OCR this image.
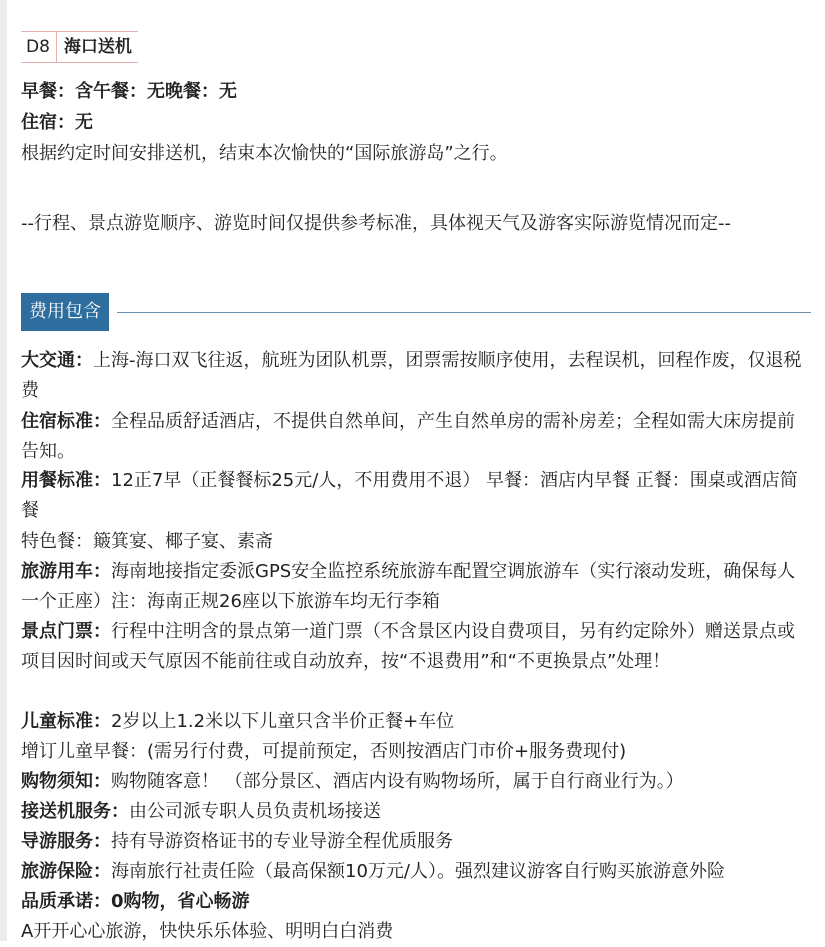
D8 海口送机
早餐：含午餐：无晚餐：无
住宿：无
根据约定时间安排送机，结束本次愉快的“国际旅游岛”之行。
--行程、景点游览顺序、游览时间仅提供参考标准，具体视天气及游客实际游览情况而定--
费用包含
大交通：上海-海口双飞往返，航班为团队机票，团票需按顺序使用，去程误机，回程作废，仅退税费
住宿标准：全程品质舒适酒店，不提供自然单间，产生自然单房的需补房差；全程如需大床房提前告知。
用餐标准：12正7早（正餐餐标25元/人，不用费用不退） 早餐：酒店内早餐 正餐：围桌或酒店简餐
特色餐：簸箕宴、椰子宴、素斋
旅游用车：海南地接指定委派GPS安全监控系统旅游车配置空调旅游车（实行滚动发班，确保每人一个正座）注：海南正规26座以下旅游车均无行李箱
景点门票：行程中注明含的景点第一道门票（不含景区内设自费项目，另有约定除外）赠送景点或项目因时间或天气原因不能前往或自动放弃，按“不退费用”和“不更换景点”处理！
儿童标准：2岁以上1.2米以下儿童只含半价正餐+车位
增订儿童早餐：(需另行付费，可提前预定，否则按酒店门市价+服务费现付)
购物须知：购物随客意！ （部分景区、酒店内设有购物场所，属于自行商业行为。）
接送机服务：由公司派专职人员负责机场接送
导游服务：持有导游资格证书的专业导游全程优质服务
旅游保险：海南旅行社责任险（最高保额10万元/人）。强烈建议游客自行购买旅游意外险
品质承诺：0购物，省心畅游
A开开心心旅游，快快乐乐体验、明明白白消费
